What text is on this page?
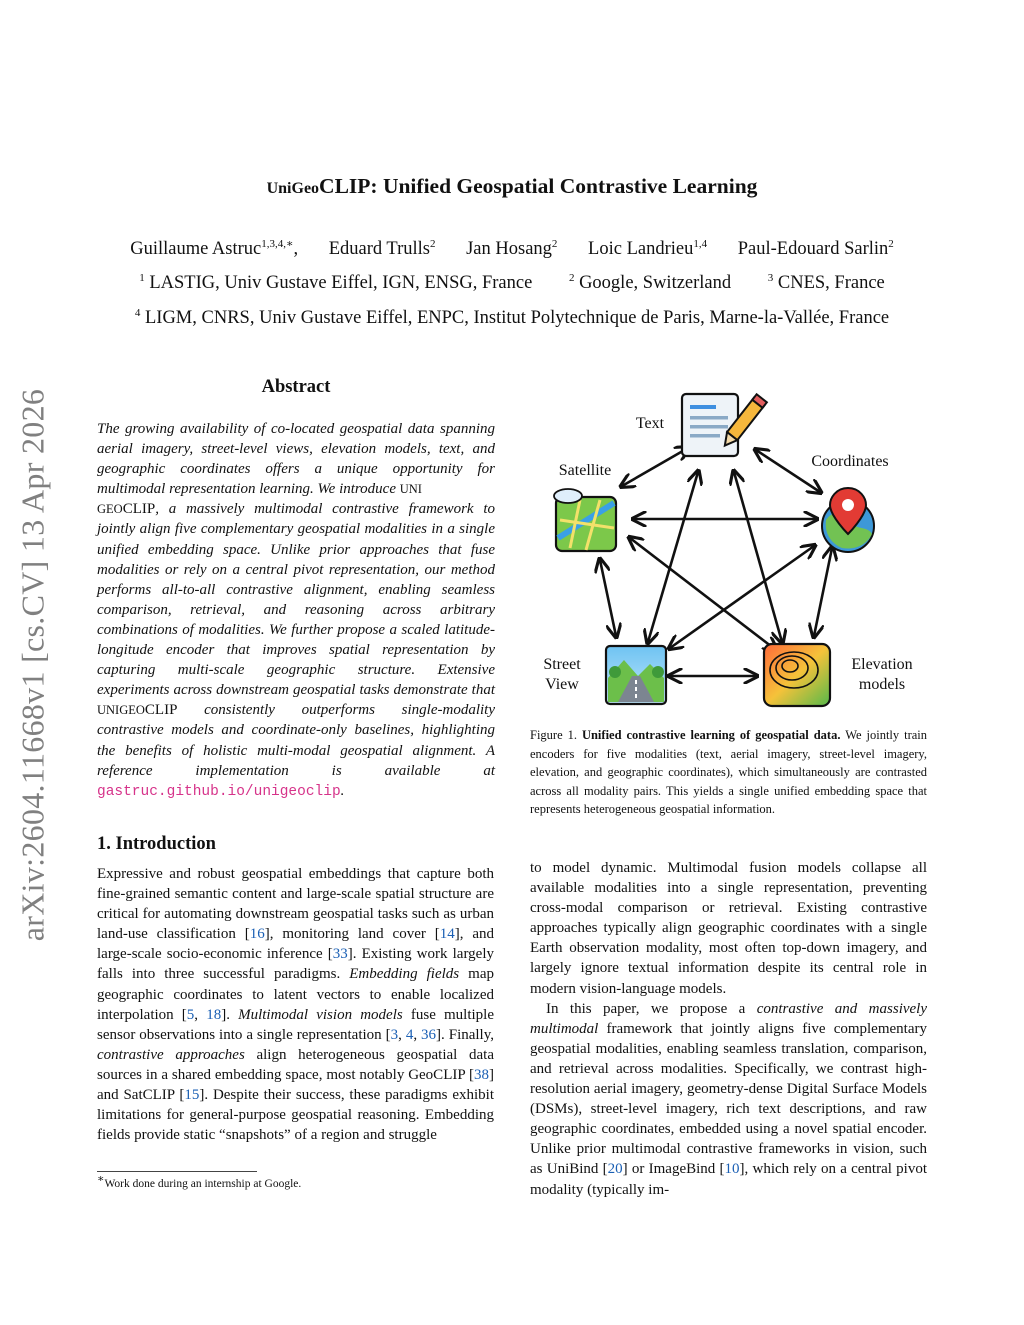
UniGeoCLIP: Unified Geospatial Contrastive Learning
Guillaume Astruc$^{1,3,4,∗}$, Eduard Trulls$^2$ Jan Hosang$^2$ Loic Landrieu$^{1,4}$ Paul-Edouard Sarlin$^2$
$^1$ LASTIG, Univ Gustave Eiffel, IGN, ENSG, France	$^2$ Google, Switzerland	$^3$ CNES, France
$^4$ LIGM, CNRS, Univ Gustave Eiffel, ENPC, Institut Polytechnique de Paris, Marne-la-Vallée, France
arXiv:2604.11668v1 [cs.CV] 13 Apr 2026
Abstract
The growing availability of co-located geospatial data spanning aerial imagery, street-level views, elevation models, text, and geographic coordinates offers a unique opportunity for multimodal representation learning. We introduce UNI
GEOCLIP, a massively multimodal contrastive framework to jointly align five complementary geospatial modalities in a single unified embedding space. Unlike prior approaches that fuse modalities or rely on a central pivot representation, our method performs all-to-all contrastive alignment, enabling seamless comparison, retrieval, and reasoning across arbitrary combinations of modalities. We further propose a scaled latitude-longitude encoder that improves spatial representation by capturing multi-scale geographic structure. Extensive experiments across downstream geospatial tasks demonstrate that UNIGEOCLIP consistently outperforms single-modality contrastive models and coordinate-only baselines, highlighting the benefits of holistic multi-modal geospatial alignment. A reference implementation is available at gastruc.github.io/unigeoclip.
1. Introduction
Expressive and robust geospatial embeddings that capture both fine-grained semantic content and large-scale spatial structure are critical for automating downstream geospatial tasks such as urban land-use classification [16], monitoring land cover [14], and large-scale socio-economic inference [33]. Existing work largely falls into three successful paradigms. Embedding fields map geographic coordinates to latent vectors to enable localized interpolation [5, 18]. Multimodal vision models fuse multiple sensor observations into a single representation [3, 4, 36]. Finally, contrastive approaches align heterogeneous geospatial data sources in a shared embedding space, most notably GeoCLIP [38] and SatCLIP [15]. Despite their success, these paradigms exhibit limitations for general-purpose geospatial reasoning. Embedding fields provide static “snapshots” of a region and struggle
∗Work done during an internship at Google.
Text
Satellite
Coordinates
Street
View
Elevation
models
Figure 1. Unified contrastive learning of geospatial data. We jointly train encoders for five modalities (text, aerial imagery, street-level imagery, elevation, and geographic coordinates), which simultaneously are contrasted across all modality pairs. This yields a single unified embedding space that represents heterogeneous geospatial information.

to model dynamic. Multimodal fusion models collapse all available modalities into a single representation, preventing cross-modal comparison or retrieval. Existing contrastive approaches typically align geographic coordinates with a single Earth observation modality, most often top-down imagery, and largely ignore textual information despite its central role in modern vision-language models.

In this paper, we propose a contrastive and massively multimodal framework that jointly aligns five complementary geospatial modalities, enabling seamless translation, comparison, and retrieval across modalities. Specifically, we contrast high-resolution aerial imagery, geometry-dense Digital Surface Models (DSMs), street-level imagery, rich text descriptions, and raw geographic coordinates, embedded using a novel spatial encoder. Unlike prior multimodal contrastive frameworks in vision, such as UniBind [20] or ImageBind [10], which rely on a central pivot modality (typically im-
